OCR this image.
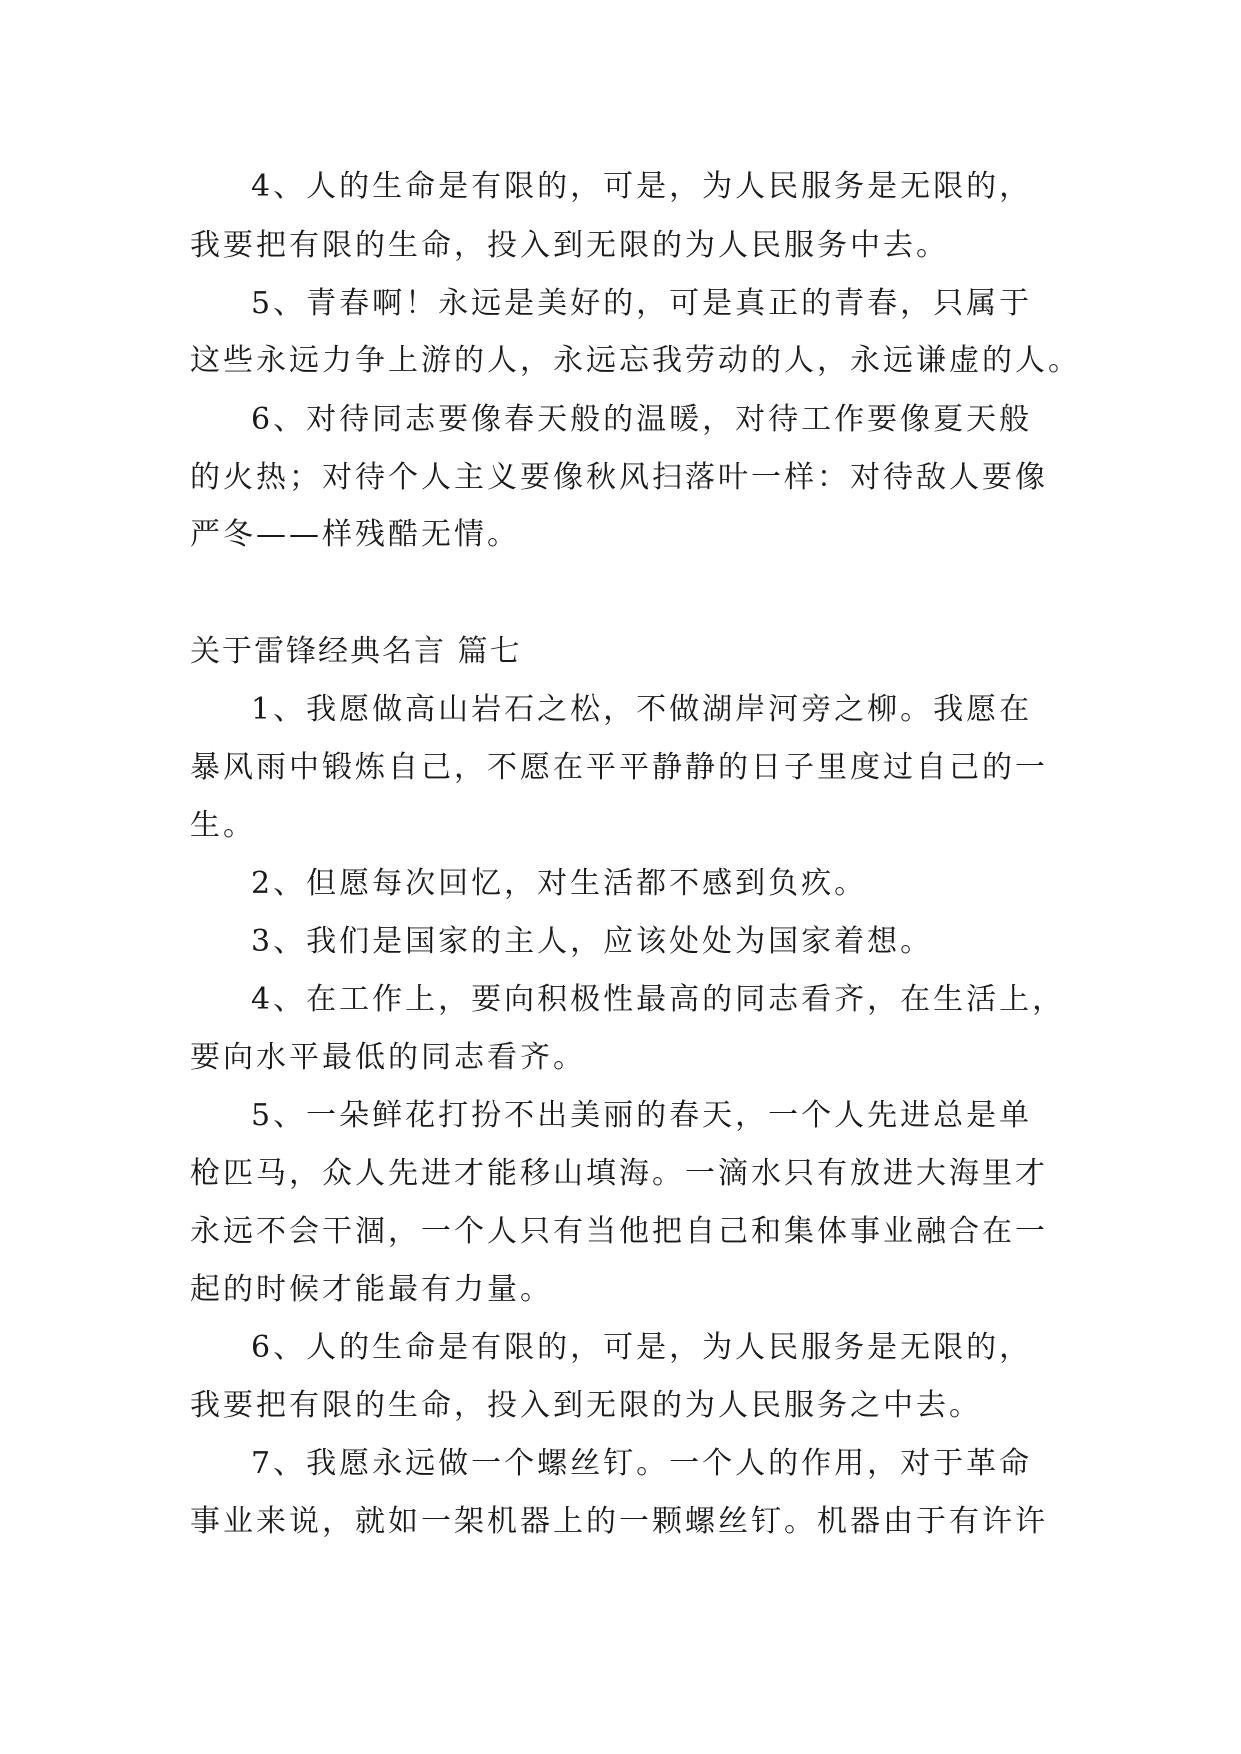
4、人的生命是有限的，可是，为人民服务是无限的，
我要把有限的生命，投入到无限的为人民服务中去。
5、青春啊！永远是美好的，可是真正的青春，只属于
这些永远力争上游的人，永远忘我劳动的人，永远谦虚的人。
6、对待同志要像春天般的温暖，对待工作要像夏天般
的火热；对待个人主义要像秋风扫落叶一样：对待敌人要像
严冬——样残酷无情。
关于雷锋经典名言 篇七
1、我愿做高山岩石之松，不做湖岸河旁之柳。我愿在
暴风雨中锻炼自己，不愿在平平静静的日子里度过自己的一
生。
2、但愿每次回忆，对生活都不感到负疚。
3、我们是国家的主人，应该处处为国家着想。
4、在工作上，要向积极性最高的同志看齐，在生活上，
要向水平最低的同志看齐。
5、一朵鲜花打扮不出美丽的春天，一个人先进总是单
枪匹马，众人先进才能移山填海。一滴水只有放进大海里才
永远不会干涸，一个人只有当他把自己和集体事业融合在一
起的时候才能最有力量。
6、人的生命是有限的，可是，为人民服务是无限的，
我要把有限的生命，投入到无限的为人民服务之中去。
7、我愿永远做一个螺丝钉。一个人的作用，对于革命
事业来说，就如一架机器上的一颗螺丝钉。机器由于有许许
